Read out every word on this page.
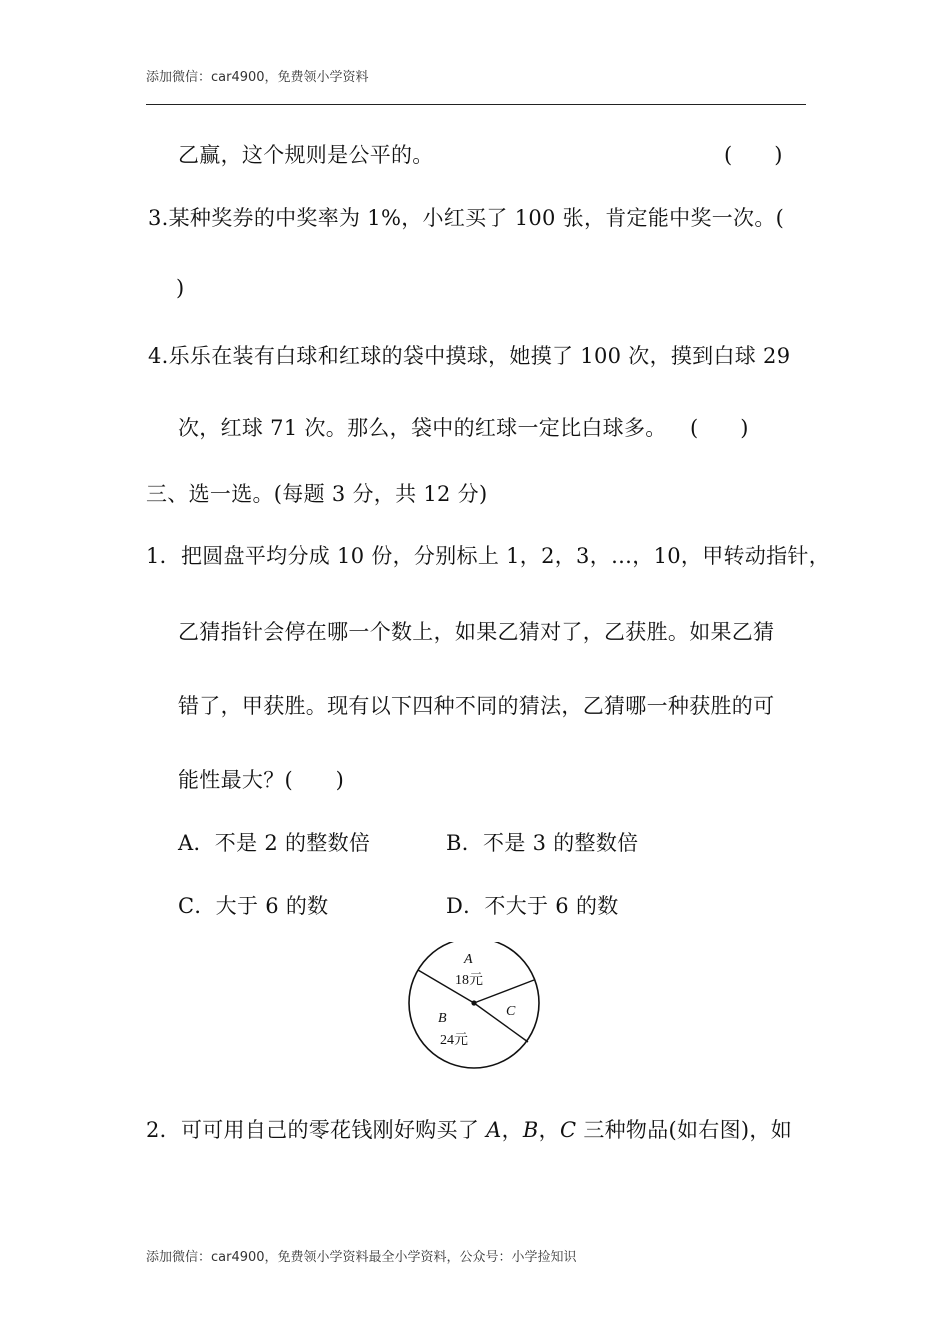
添加微信：car4900，免费领小学资料
乙赢，这个规则是公平的。	(　　)
3.某种奖券的中奖率为 1%，小红买了 100 张，肯定能中奖一次。(
)
4.乐乐在装有白球和红球的袋中摸球，她摸了 100 次，摸到白球 29
次，红球 71 次。那么，袋中的红球一定比白球多。 (　　)
三、选一选。(每题 3 分，共 12 分)
1．把圆盘平均分成 10 份，分别标上 1，2，3，…，10，甲转动指针，
乙猜指针会停在哪一个数上，如果乙猜对了，乙获胜。如果乙猜
错了，甲获胜。现有以下四种不同的猜法，乙猜哪一种获胜的可
能性最大？(　　)
A．不是 2 的整数倍	B．不是 3 的整数倍
C．大于 6 的数	D．不大于 6 的数
A
18元
C
B
24元
2．可可用自己的零花钱刚好购买了 A，B，C 三种物品(如右图)，如
添加微信：car4900，免费领小学资料最全小学资料，公众号：小学捡知识
